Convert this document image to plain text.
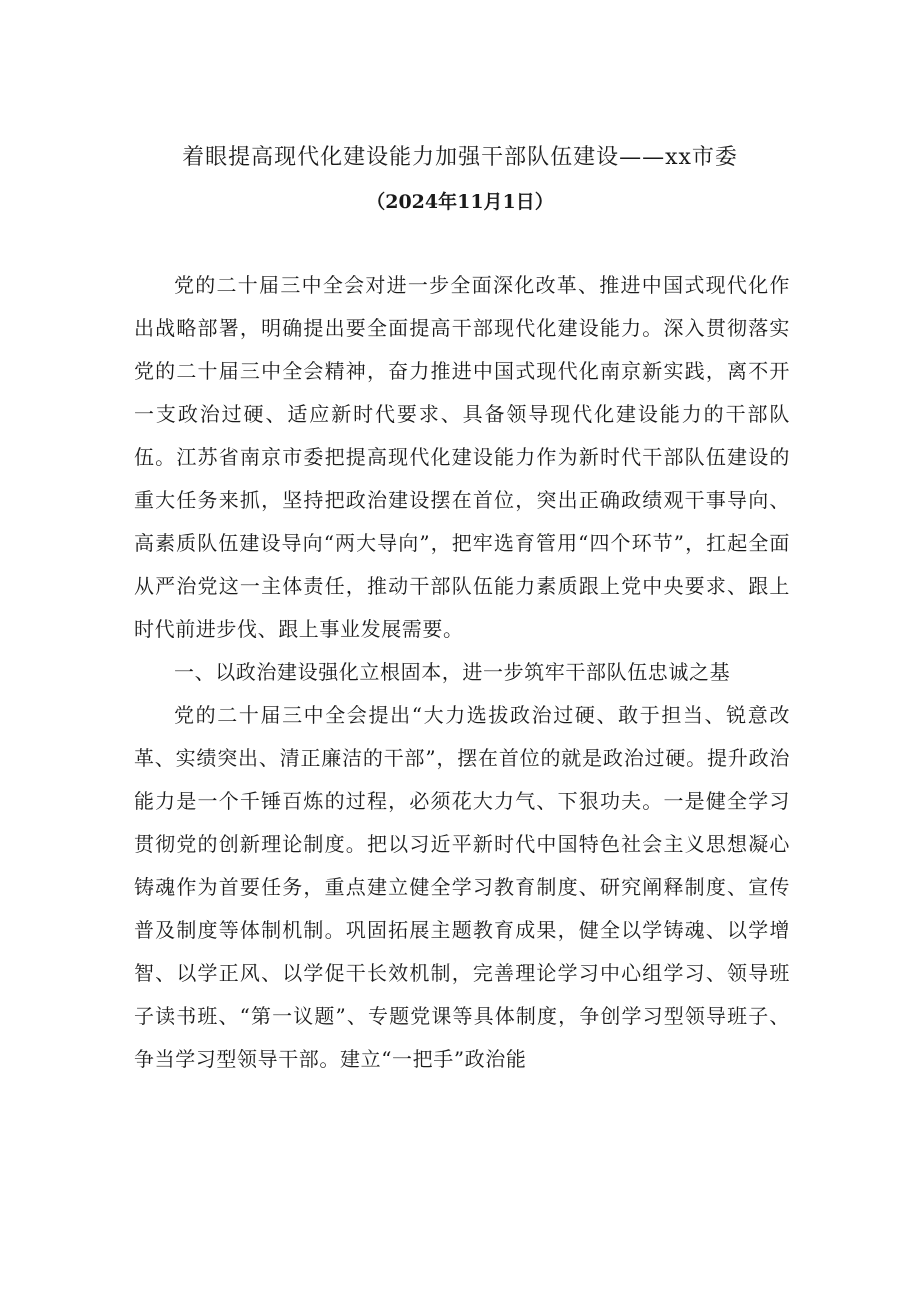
着眼提高现代化建设能力加强干部队伍建设——xx市委
（2024年11月1日）

党的二十届三中全会对进一步全面深化改革、推进中国式现代化作出战略部署，明确提出要全面提高干部现代化建设能力。深入贯彻落实党的二十届三中全会精神，奋力推进中国式现代化南京新实践，离不开一支政治过硬、适应新时代要求、具备领导现代化建设能力的干部队伍。江苏省南京市委把提高现代化建设能力作为新时代干部队伍建设的重大任务来抓，坚持把政治建设摆在首位，突出正确政绩观干事导向、高素质队伍建设导向“两大导向”，把牢选育管用“四个环节”，扛起全面从严治党这一主体责任，推动干部队伍能力素质跟上党中央要求、跟上时代前进步伐、跟上事业发展需要。

一、以政治建设强化立根固本，进一步筑牢干部队伍忠诚之基

党的二十届三中全会提出“大力选拔政治过硬、敢于担当、锐意改革、实绩突出、清正廉洁的干部”，摆在首位的就是政治过硬。提升政治能力是一个千锤百炼的过程，必须花大力气、下狠功夫。一是健全学习贯彻党的创新理论制度。把以习近平新时代中国特色社会主义思想凝心铸魂作为首要任务，重点建立健全学习教育制度、研究阐释制度、宣传普及制度等体制机制。巩固拓展主题教育成果，健全以学铸魂、以学增智、以学正风、以学促干长效机制，完善理论学习中心组学习、领导班子读书班、“第一议题”、专题党课等具体制度，争创学习型领导班子、争当学习型领导干部。建立“一把手”政治能
